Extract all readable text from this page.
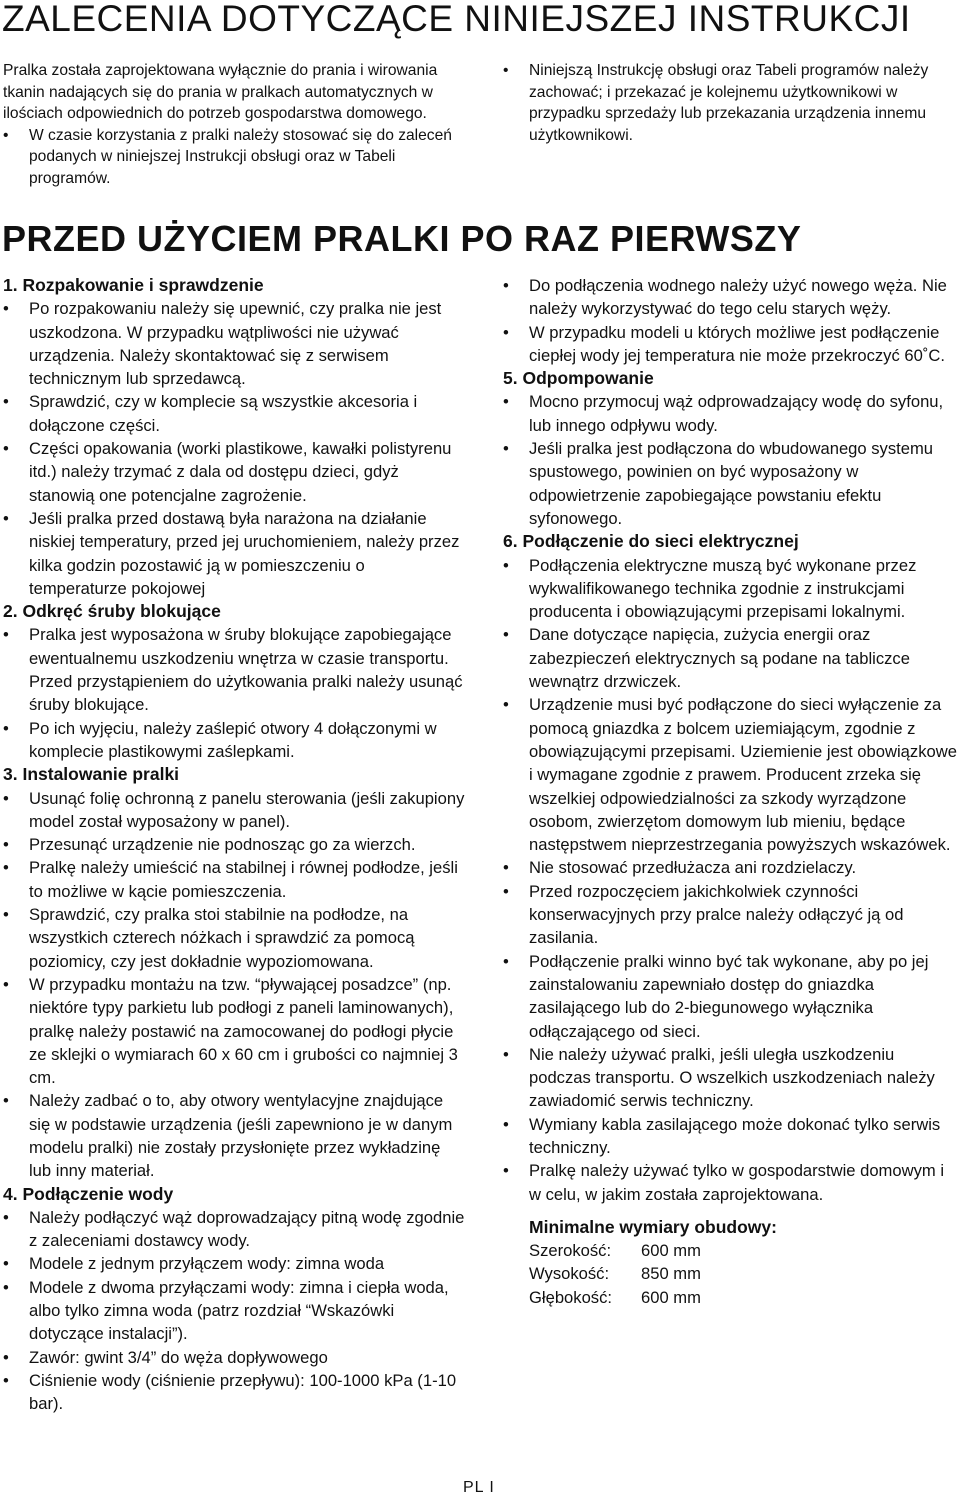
ZALECENIA DOTYCZĄCE NINIEJSZEJ INSTRUKCJI

Pralka została zaprojektowana wyłącznie do prania i wirowania tkanin nadających się do prania w pralkach automatycznych w ilościach odpowiednich do potrzeb gospodarstwa domowego.

• W czasie korzystania z pralki należy stosować się do zaleceń podanych w niniejszej Instrukcji obsługi oraz w Tabeli programów.
• Niniejszą Instrukcję obsługi oraz Tabeli programów należy zachować; i przekazać je kolejnemu użytkownikowi w przypadku sprzedaży lub przekazania urządzenia innemu użytkownikowi.
PRZED UŻYCIEM PRALKI PO RAZ PIERWSZY

1. Rozpakowanie i sprawdzenie

• Po rozpakowaniu należy się upewnić, czy pralka nie jest uszkodzona. W przypadku wątpliwości nie używać urządzenia. Należy skontaktować się z serwisem technicznym lub sprzedawcą.
• Sprawdzić, czy w komplecie są wszystkie akcesoria i dołączone części.
• Części opakowania (worki plastikowe, kawałki polistyrenu itd.) należy trzymać z dala od dostępu dzieci, gdyż stanowią one potencjalne zagrożenie.
• Jeśli pralka przed dostawą była narażona na działanie niskiej temperatury, przed jej uruchomieniem, należy przez kilka godzin pozostawić ją w pomieszczeniu o temperaturze pokojowej

2. Odkręć śruby blokujące

• Pralka jest wyposażona w śruby blokujące zapobiegające ewentualnemu uszkodzeniu wnętrza w czasie transportu. Przed przystąpieniem do użytkowania pralki należy usunąć śruby blokujące.
• Po ich wyjęciu, należy zaślepić otwory 4 dołączonymi w komplecie plastikowymi zaślepkami.

3. Instalowanie pralki

• Usunąć folię ochronną z panelu sterowania (jeśli zakupiony model został wyposażony w panel).
• Przesunąć urządzenie nie podnosząc go za wierzch.
• Pralkę należy umieścić na stabilnej i równej podłodze, jeśli to możliwe w kącie pomieszczenia.
• Sprawdzić, czy pralka stoi stabilnie na podłodze, na wszystkich czterech nóżkach i sprawdzić za pomocą poziomicy, czy jest dokładnie wypoziomowana.
• W przypadku montażu na tzw. “pływającej posadzce” (np. niektóre typy parkietu lub podłogi z paneli laminowanych), pralkę należy postawić na zamocowanej do podłogi płycie ze sklejki o wymiarach 60 x 60 cm i grubości co najmniej 3 cm.
• Należy zadbać o to, aby otwory wentylacyjne znajdujące się w podstawie urządzenia (jeśli zapewniono je w danym modelu pralki) nie zostały przysłonięte przez wykładzinę lub inny materiał.

4. Podłączenie wody

• Należy podłączyć wąż doprowadzający pitną wodę zgodnie z zaleceniami dostawcy wody.
• Modele z jednym przyłączem wody: zimna woda
• Modele z dwoma przyłączami wody: zimna i ciepła woda, albo tylko zimna woda (patrz rozdział “Wskazówki dotyczące instalacji”).
• Zawór: gwint 3/4” do węża dopływowego
• Ciśnienie wody (ciśnienie przepływu): 100-1000 kPa (1-10 bar).
• Do podłączenia wodnego należy użyć nowego węża. Nie należy wykorzystywać do tego celu starych węży.
• W przypadku modeli u których możliwe jest podłączenie ciepłej wody jej temperatura nie może przekroczyć 60˚C.

5. Odpompowanie

• Mocno przymocuj wąż odprowadzający wodę do syfonu, lub innego odpływu wody.
• Jeśli pralka jest podłączona do wbudowanego systemu spustowego, powinien on być wyposażony w odpowietrzenie zapobiegające powstaniu efektu syfonowego.

6. Podłączenie do sieci elektrycznej

• Podłączenia elektryczne muszą być wykonane przez wykwalifikowanego technika zgodnie z instrukcjami producenta i obowiązującymi przepisami lokalnymi.
• Dane dotyczące napięcia, zużycia energii oraz zabezpieczeń elektrycznych są podane na tabliczce wewnątrz drzwiczek.
• Urządzenie musi być podłączone do sieci wyłączenie za pomocą gniazdka z bolcem uziemiającym, zgodnie z obowiązującymi przepisami. Uziemienie jest obowiązkowe i wymagane zgodnie z prawem. Producent zrzeka się wszelkiej odpowiedzialności za szkody wyrządzone osobom, zwierzętom domowym lub mieniu, będące następstwem nieprzestrzegania powyższych wskazówek.
• Nie stosować przedłużacza ani rozdzielaczy.
• Przed rozpoczęciem jakichkolwiek czynności konserwacyjnych przy pralce należy odłączyć ją od zasilania.
• Podłączenie pralki winno być tak wykonane, aby po jej zainstalowaniu zapewniało dostęp do gniazdka zasilającego lub do 2-biegunowego wyłącznika odłączającego od sieci.
• Nie należy używać pralki, jeśli uległa uszkodzeniu podczas transportu. O wszelkich uszkodzeniach należy zawiadomić serwis techniczny.
• Wymiany kabla zasilającego może dokonać tylko serwis techniczny.
• Pralkę należy używać tylko w gospodarstwie domowym i w celu, w jakim została zaprojektowana.

Minimalne wymiary obudowy:

Szerokość:	600 mm
Wysokość:	850 mm
Głębokość:	600 mm
PL I
